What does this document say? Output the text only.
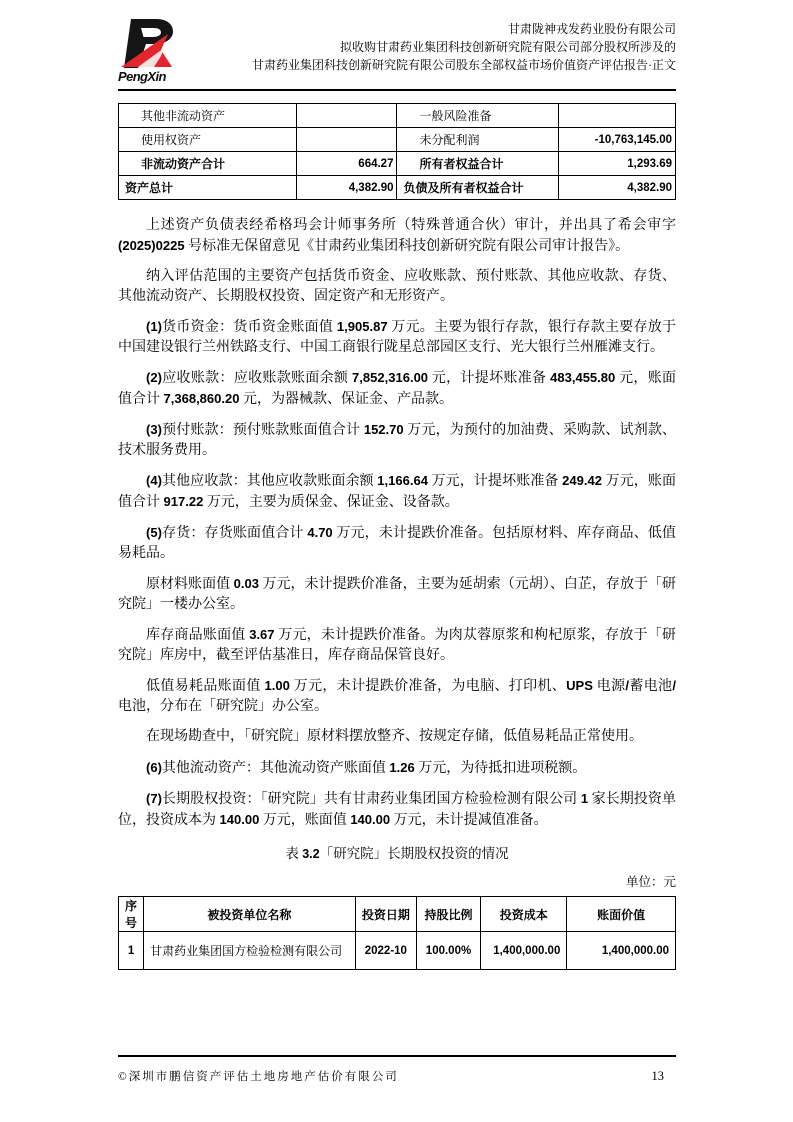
PengXin
甘肃陇神戎发药业股份有限公司
拟收购甘肃药业集团科技创新研究院有限公司部分股权所涉及的
甘肃药业集团科技创新研究院有限公司股东全部权益市场价值资产评估报告·正文
其他非流动资产		一般风险准备	
使用权资产		未分配利润	-10,763,145.00
非流动资产合计	664.27	所有者权益合计	1,293.69
资产总计	4,382.90	负债及所有者权益合计	4,382.90

上述资产负债表经希格玛会计师事务所（特殊普通合伙）审计，并出具了希会审字(2025)0225 号标准无保留意见《甘肃药业集团科技创新研究院有限公司审计报告》。

纳入评估范围的主要资产包括货币资金、应收账款、预付账款、其他应收款、存货、其他流动资产、长期股权投资、固定资产和无形资产。

(1)货币资金：货币资金账面值 1,905.87 万元。主要为银行存款，银行存款主要存放于中国建设银行兰州铁路支行、中国工商银行陇星总部园区支行、光大银行兰州雁滩支行。

(2)应收账款：应收账款账面余额 7,852,316.00 元，计提坏账准备 483,455.80 元，账面值合计 7,368,860.20 元，为器械款、保证金、产品款。

(3)预付账款：预付账款账面值合计 152.70 万元，为预付的加油费、采购款、试剂款、技术服务费用。

(4)其他应收款：其他应收款账面余额 1,166.64 万元，计提坏账准备 249.42 万元，账面值合计 917.22 万元，主要为质保金、保证金、设备款。

(5)存货：存货账面值合计 4.70 万元，未计提跌价准备。包括原材料、库存商品、低值易耗品。

原材料账面值 0.03 万元，未计提跌价准备，主要为延胡索（元胡）、白芷，存放于「研究院」一楼办公室。

库存商品账面值 3.67 万元，未计提跌价准备。为肉苁蓉原浆和枸杞原浆，存放于「研究院」库房中，截至评估基准日，库存商品保管良好。

低值易耗品账面值 1.00 万元，未计提跌价准备，为电脑、打印机、UPS 电源/蓄电池/电池，分布在「研究院」办公室。

在现场勘查中，「研究院」原材料摆放整齐、按规定存储，低值易耗品正常使用。

(6)其他流动资产：其他流动资产账面值 1.26 万元，为待抵扣进项税额。

(7)长期股权投资：「研究院」共有甘肃药业集团国方检验检测有限公司 1 家长期投资单位，投资成本为 140.00 万元，账面值 140.00 万元，未计提减值准备。

表 3.2「研究院」长期股权投资的情况
单位：元
序号	被投资单位名称	投资日期	持股比例	投资成本	账面价值
1	甘肃药业集团国方检验检测有限公司	2022-10	100.00%	1,400,000.00	1,400,000.00
©深圳市鹏信资产评估土地房地产估价有限公司	13
